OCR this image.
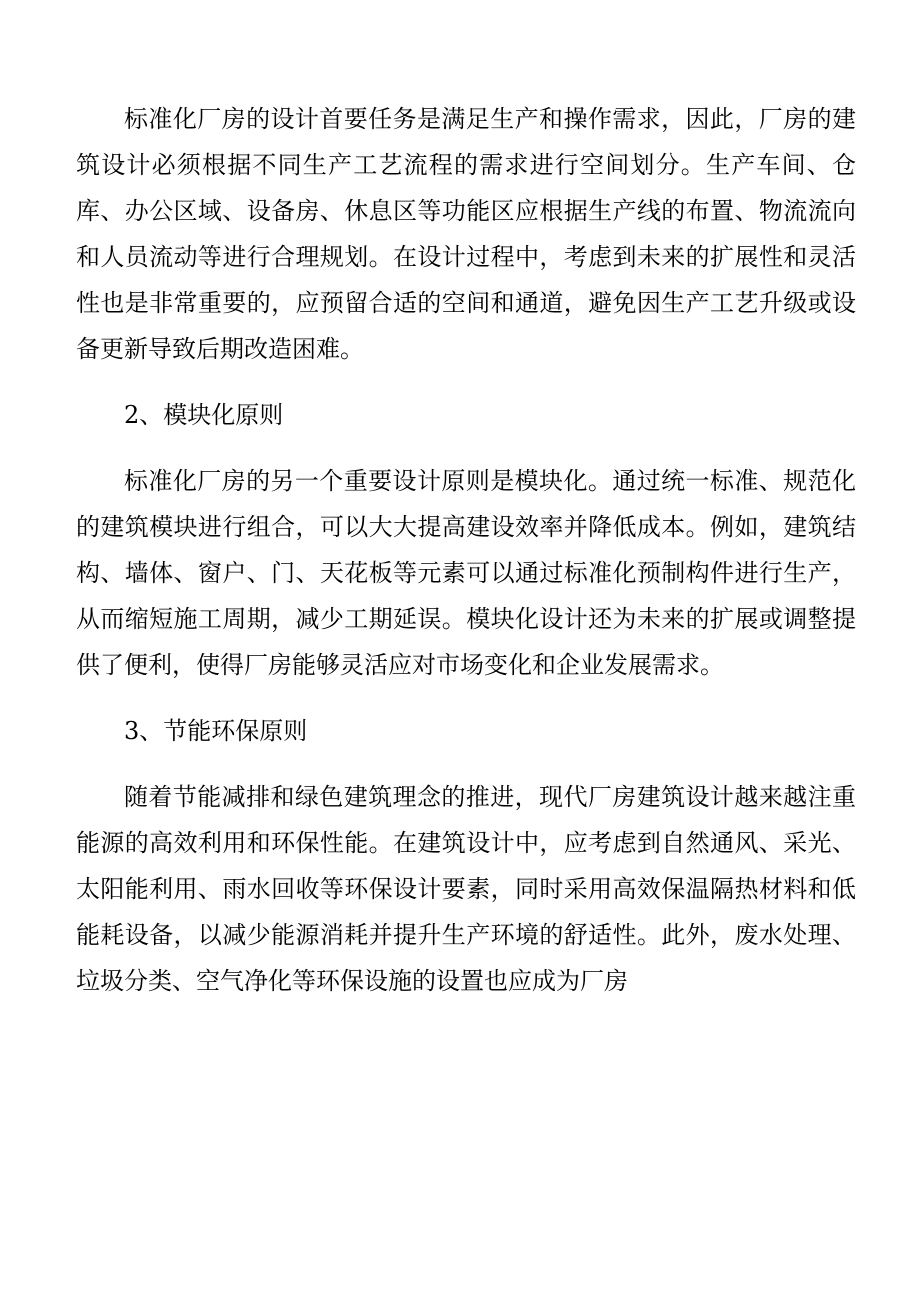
标准化厂房的设计首要任务是满足生产和操作需求，因此，厂房的建筑设计必须根据不同生产工艺流程的需求进行空间划分。生产车间、仓库、办公区域、设备房、休息区等功能区应根据生产线的布置、物流流向和人员流动等进行合理规划。在设计过程中，考虑到未来的扩展性和灵活性也是非常重要的，应预留合适的空间和通道，避免因生产工艺升级或设备更新导致后期改造困难。

2、模块化原则

标准化厂房的另一个重要设计原则是模块化。通过统一标准、规范化的建筑模块进行组合，可以大大提高建设效率并降低成本。例如，建筑结构、墙体、窗户、门、天花板等元素可以通过标准化预制构件进行生产，从而缩短施工周期，减少工期延误。模块化设计还为未来的扩展或调整提供了便利，使得厂房能够灵活应对市场变化和企业发展需求。

3、节能环保原则

随着节能减排和绿色建筑理念的推进，现代厂房建筑设计越来越注重能源的高效利用和环保性能。在建筑设计中，应考虑到自然通风、采光、太阳能利用、雨水回收等环保设计要素，同时采用高效保温隔热材料和低能耗设备，以减少能源消耗并提升生产环境的舒适性。此外，废水处理、垃圾分类、空气净化等环保设施的设置也应成为厂房
